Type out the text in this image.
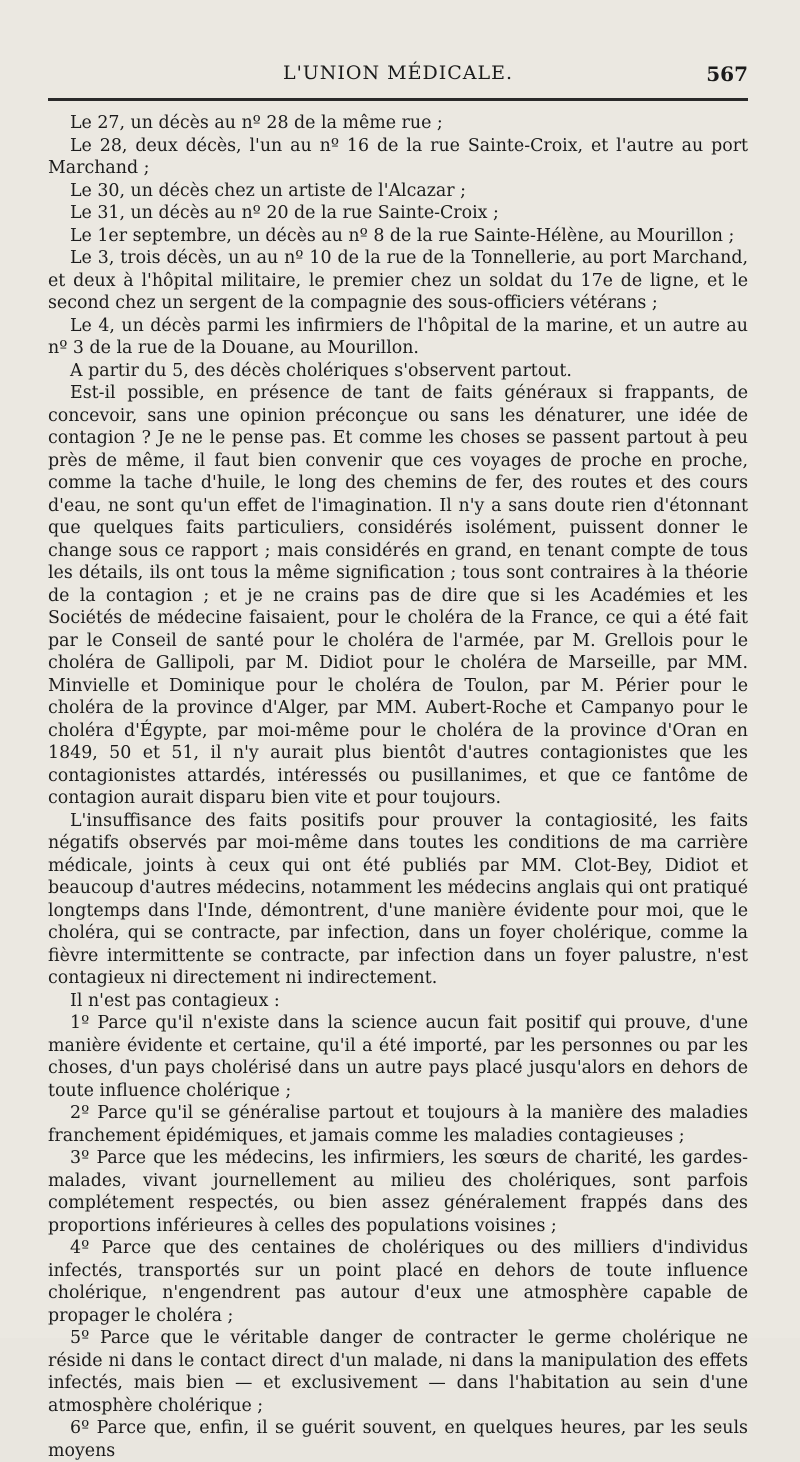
L'UNION MÉDICALE.	567

Le 27, un décès au nº 28 de la même rue ;

Le 28, deux décès, l'un au nº 16 de la rue Sainte-Croix, et l'autre au port Marchand ;

Le 30, un décès chez un artiste de l'Alcazar ;

Le 31, un décès au nº 20 de la rue Sainte-Croix ;

Le 1er septembre, un décès au nº 8 de la rue Sainte-Hélène, au Mourillon ;

Le 3, trois décès, un au nº 10 de la rue de la Tonnellerie, au port Marchand, et deux à l'hôpital militaire, le premier chez un soldat du 17e de ligne, et le second chez un sergent de la compagnie des sous-officiers vétérans ;

Le 4, un décès parmi les infirmiers de l'hôpital de la marine, et un autre au nº 3 de la rue de la Douane, au Mourillon.

A partir du 5, des décès cholériques s'observent partout.

Est-il possible, en présence de tant de faits généraux si frappants, de concevoir, sans une opinion préconçue ou sans les dénaturer, une idée de contagion ? Je ne le pense pas. Et comme les choses se passent partout à peu près de même, il faut bien convenir que ces voyages de proche en proche, comme la tache d'huile, le long des chemins de fer, des routes et des cours d'eau, ne sont qu'un effet de l'imagination. Il n'y a sans doute rien d'étonnant que quelques faits particuliers, considérés isolément, puissent donner le change sous ce rapport ; mais considérés en grand, en tenant compte de tous les détails, ils ont tous la même signification ; tous sont contraires à la théorie de la contagion ; et je ne crains pas de dire que si les Académies et les Sociétés de médecine faisaient, pour le choléra de la France, ce qui a été fait par le Conseil de santé pour le choléra de l'armée, par M. Grellois pour le choléra de Gallipoli, par M. Didiot pour le choléra de Marseille, par MM. Minvielle et Dominique pour le choléra de Toulon, par M. Périer pour le choléra de la province d'Alger, par MM. Aubert-Roche et Campanyo pour le choléra d'Égypte, par moi-même pour le choléra de la province d'Oran en 1849, 50 et 51, il n'y aurait plus bientôt d'autres contagionistes que les contagionistes attardés, intéressés ou pusillanimes, et que ce fantôme de contagion aurait disparu bien vite et pour toujours.

L'insuffisance des faits positifs pour prouver la contagiosité, les faits négatifs observés par moi-même dans toutes les conditions de ma carrière médicale, joints à ceux qui ont été publiés par MM. Clot-Bey, Didiot et beaucoup d'autres médecins, notamment les médecins anglais qui ont pratiqué longtemps dans l'Inde, démontrent, d'une manière évidente pour moi, que le choléra, qui se contracte, par infection, dans un foyer cholérique, comme la fièvre intermittente se contracte, par infection dans un foyer palustre, n'est contagieux ni directement ni indirectement.

Il n'est pas contagieux :

1º Parce qu'il n'existe dans la science aucun fait positif qui prouve, d'une manière évidente et certaine, qu'il a été importé, par les personnes ou par les choses, d'un pays cholérisé dans un autre pays placé jusqu'alors en dehors de toute influence cholérique ;

2º Parce qu'il se généralise partout et toujours à la manière des maladies franchement épidémiques, et jamais comme les maladies contagieuses ;

3º Parce que les médecins, les infirmiers, les sœurs de charité, les gardes-malades, vivant journellement au milieu des cholériques, sont parfois complétement respectés, ou bien assez généralement frappés dans des proportions inférieures à celles des populations voisines ;

4º Parce que des centaines de cholériques ou des milliers d'individus infectés, transportés sur un point placé en dehors de toute influence cholérique, n'engendrent pas autour d'eux une atmosphère capable de propager le choléra ;

5º Parce que le véritable danger de contracter le germe cholérique ne réside ni dans le contact direct d'un malade, ni dans la manipulation des effets infectés, mais bien — et exclusivement — dans l'habitation au sein d'une atmosphère cholérique ;

6º Parce que, enfin, il se guérit souvent, en quelques heures, par les seuls moyens
